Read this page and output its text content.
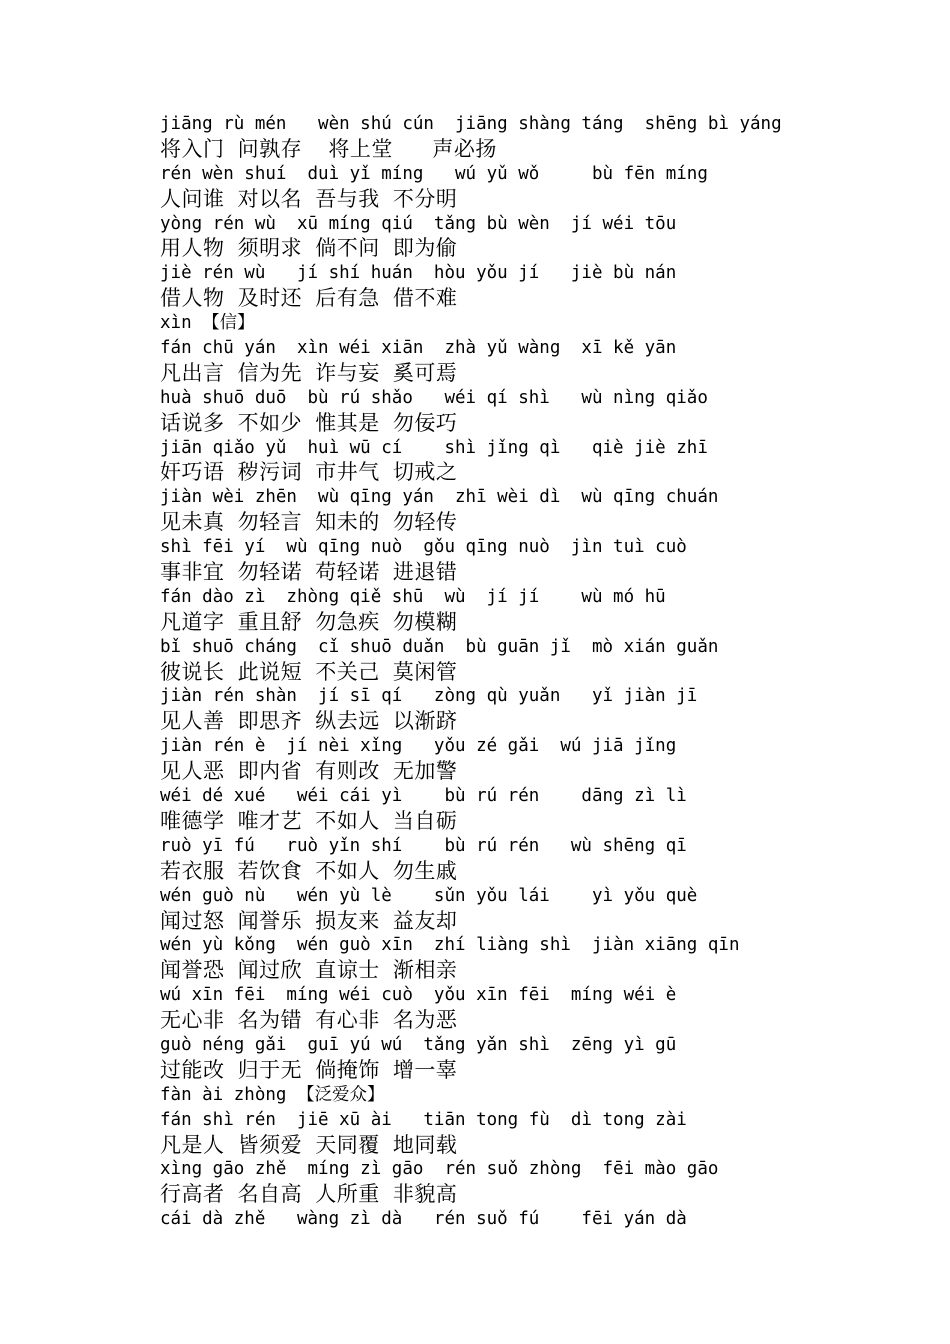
jiāng rù mén   wèn shú cún  jiāng shàng táng  shēng bì yáng

将入门 问孰存  将上堂   声必扬

rén wèn shuí  duì yǐ míng   wú yǔ wǒ     bù fēn míng

人问谁 对以名 吾与我 不分明

yòng rén wù  xū míng qiú  tǎng bù wèn  jí wéi tōu

用人物 须明求 倘不问 即为偷

jiè rén wù   jí shí huán  hòu yǒu jí   jiè bù nán

借人物 及时还 后有急 借不难

xìn 【信】

fán chū yán  xìn wéi xiān  zhà yǔ wàng  xī kě yān

凡出言 信为先 诈与妄 奚可焉

huà shuō duō  bù rú shǎo   wéi qí shì   wù nìng qiǎo

话说多 不如少 惟其是 勿佞巧

jiān qiǎo yǔ  huì wū cí    shì jǐng qì   qiè jiè zhī

奸巧语 秽污词 市井气 切戒之

jiàn wèi zhēn  wù qīng yán  zhī wèi dì  wù qīng chuán

见未真 勿轻言 知未的 勿轻传

shì fēi yí  wù qīng nuò  gǒu qīng nuò  jìn tuì cuò

事非宜 勿轻诺 苟轻诺 进退错

fán dào zì  zhòng qiě shū  wù  jí jí    wù mó hū

凡道字 重且舒 勿急疾 勿模糊

bǐ shuō cháng  cǐ shuō duǎn  bù guān jǐ  mò xián guǎn

彼说长 此说短 不关己 莫闲管

jiàn rén shàn  jí sī qí   zòng qù yuǎn   yǐ jiàn jī

见人善 即思齐 纵去远 以渐跻

jiàn rén è  jí nèi xǐng   yǒu zé gǎi  wú jiā jǐng

见人恶 即内省 有则改 无加警

wéi dé xué   wéi cái yì    bù rú rén    dāng zì lì

唯德学 唯才艺 不如人 当自砺

ruò yī fú   ruò yǐn shí    bù rú rén   wù shēng qī

若衣服 若饮食 不如人 勿生戚

wén guò nù   wén yù lè    sǔn yǒu lái    yì yǒu què

闻过怒 闻誉乐 损友来 益友却

wén yù kǒng  wén guò xīn  zhí liàng shì  jiàn xiāng qīn

闻誉恐 闻过欣 直谅士 渐相亲

wú xīn fēi  míng wéi cuò  yǒu xīn fēi  míng wéi è

无心非 名为错 有心非 名为恶

guò néng gǎi  guī yú wú  tǎng yǎn shì  zēng yì gū

过能改 归于无 倘掩饰 增一辜

fàn ài zhòng 【泛爱众】

fán shì rén  jiē xū ài   tiān tong fù  dì tong zài

凡是人 皆须爱 天同覆 地同载

xìng gāo zhě  míng zì gāo  rén suǒ zhòng  fēi mào gāo

行高者 名自高 人所重 非貌高

cái dà zhě   wàng zì dà   rén suǒ fú    fēi yán dà
